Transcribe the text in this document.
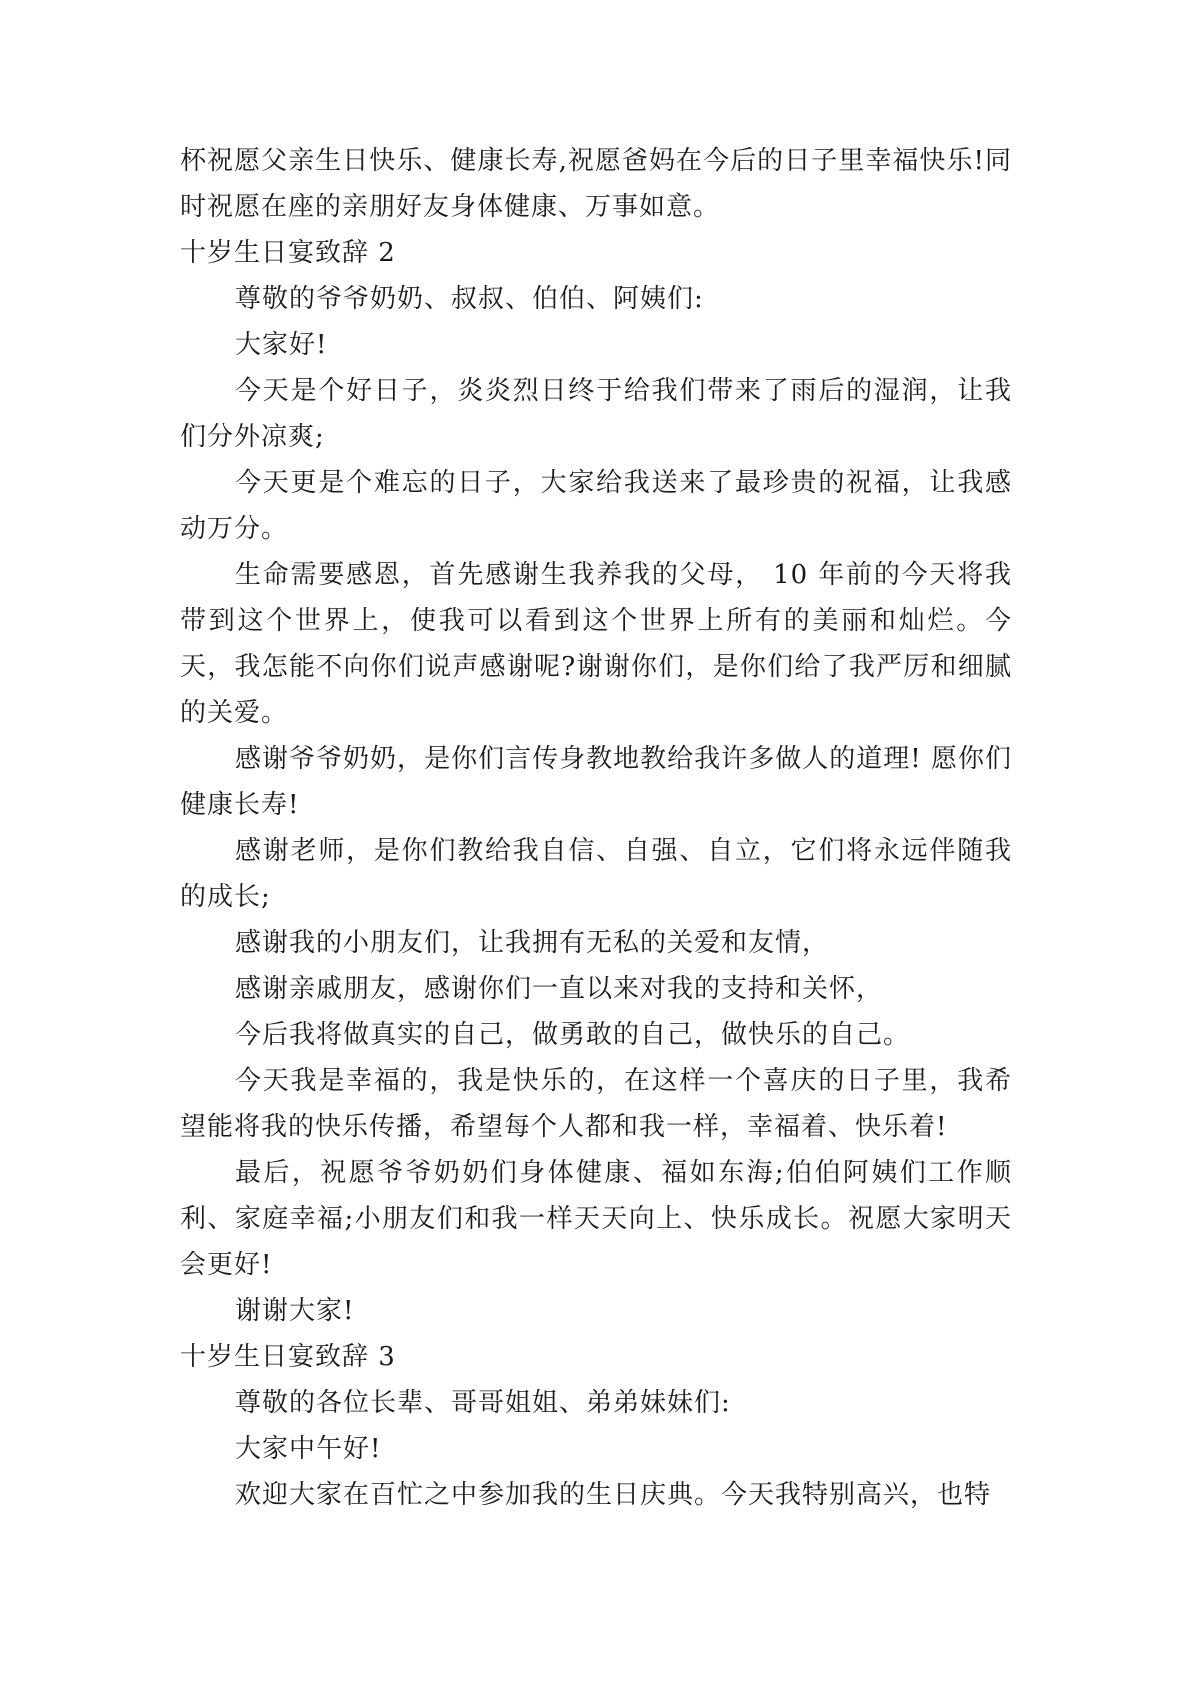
杯祝愿父亲生日快乐、健康长寿,祝愿爸妈在今后的日子里幸福快乐!同时祝愿在座的亲朋好友身体健康、万事如意。

十岁生日宴致辞 2

尊敬的爷爷奶奶、叔叔、伯伯、阿姨们:

大家好!

今天是个好日子，炎炎烈日终于给我们带来了雨后的湿润，让我们分外凉爽;

今天更是个难忘的日子，大家给我送来了最珍贵的祝福，让我感动万分。

生命需要感恩，首先感谢生我养我的父母， 10 年前的今天将我带到这个世界上，使我可以看到这个世界上所有的美丽和灿烂。今天，我怎能不向你们说声感谢呢?谢谢你们，是你们给了我严厉和细腻的关爱。

感谢爷爷奶奶，是你们言传身教地教给我许多做人的道理! 愿你们健康长寿!

感谢老师，是你们教给我自信、自强、自立，它们将永远伴随我的成长;

感谢我的小朋友们，让我拥有无私的关爱和友情，

感谢亲戚朋友，感谢你们一直以来对我的支持和关怀，

今后我将做真实的自己，做勇敢的自己，做快乐的自己。

今天我是幸福的，我是快乐的，在这样一个喜庆的日子里，我希望能将我的快乐传播，希望每个人都和我一样，幸福着、快乐着!

最后，祝愿爷爷奶奶们身体健康、福如东海;伯伯阿姨们工作顺利、家庭幸福;小朋友们和我一样天天向上、快乐成长。祝愿大家明天会更好!

谢谢大家!

十岁生日宴致辞 3

尊敬的各位长辈、哥哥姐姐、弟弟妹妹们:

大家中午好!

欢迎大家在百忙之中参加我的生日庆典。今天我特别高兴，也特
